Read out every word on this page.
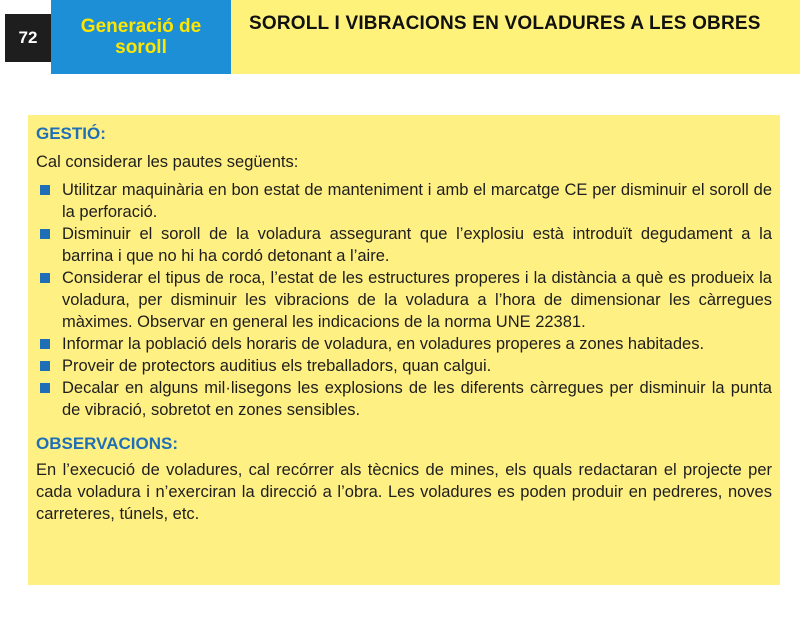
72
Generació de soroll
SOROLL I VIBRACIONS EN VOLADURES A LES OBRES
GESTIÓ:
Cal considerar les pautes següents:
Utilitzar maquinària en bon estat de manteniment i amb el marcatge CE per disminuir el soroll de la perforació.
Disminuir el soroll de la voladura assegurant que l’explosiu està introduït degudament a la barrina i que no hi ha cordó detonant a l’aire.
Considerar el tipus de roca, l’estat de les estructures properes i la distància a què es produeix la voladura, per disminuir les vibracions de la voladura a l’hora de dimensionar les càrregues màximes. Observar en general les indicacions de la norma UNE 22381.
Informar la població dels horaris de voladura, en voladures properes a zones habitades.
Proveir de protectors auditius els treballadors, quan calgui.
Decalar en alguns mil·lisegons les explosions de les diferents càrregues per disminuir la punta de vibració, sobretot en zones sensibles.
OBSERVACIONS:
En l’execució de voladures, cal recórrer als tècnics de mines, els quals redactaran el projecte per cada voladura i n’exerciran la direcció a l’obra. Les voladures es poden produir en pedreres, noves carreteres, túnels, etc.
